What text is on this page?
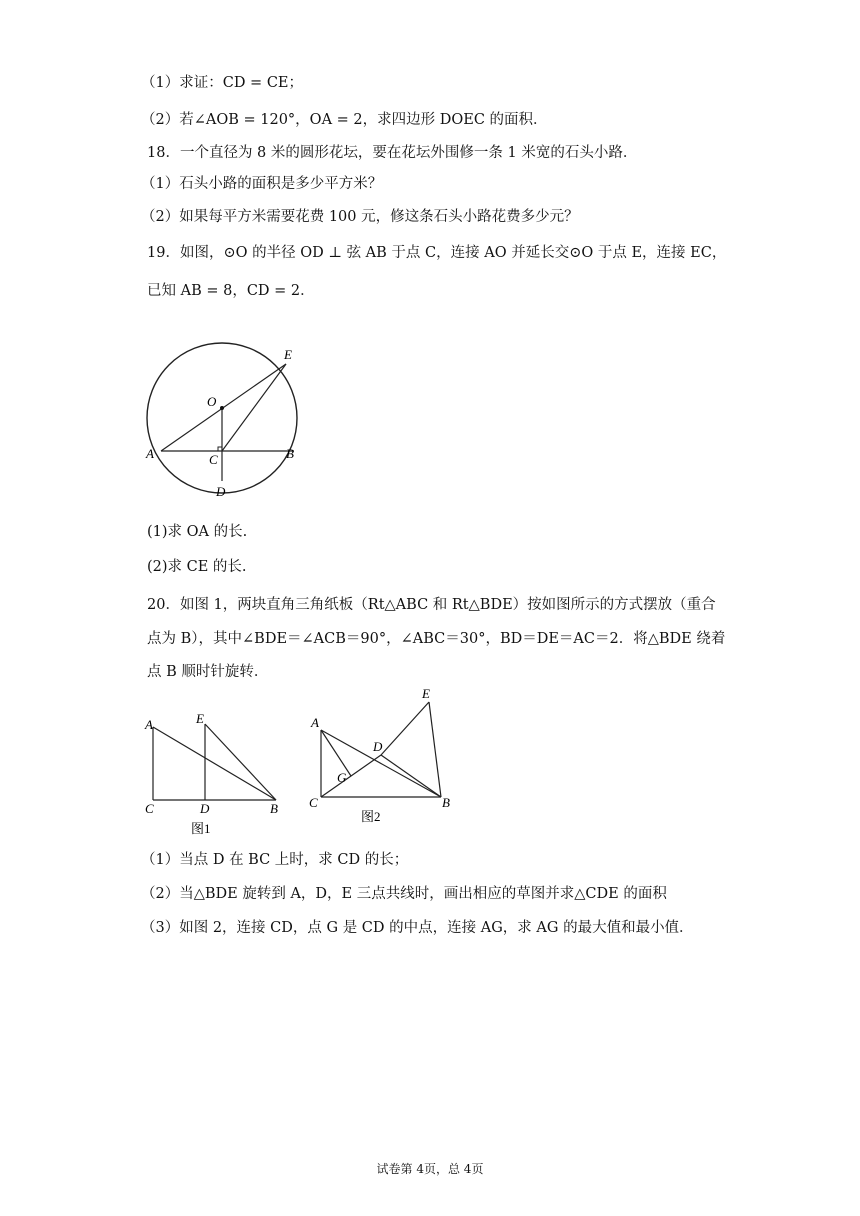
（1）求证：CD = CE；
（2）若∠AOB = 120°，OA = 2，求四边形 DOEC 的面积．
18．一个直径为 8 米的圆形花坛，要在花坛外围修一条 1 米宽的石头小路．
（1）石头小路的面积是多少平方米？
（2）如果每平方米需要花费 100 元，修这条石头小路花费多少元？
19．如图，⊙O 的半径 OD ⊥ 弦 AB 于点 C，连接 AO 并延长交⊙O 于点 E，连接 EC，
已知 AB = 8，CD = 2．
O
E
A	C	B
D
(1)求 OA 的长.
(2)求 CE 的长.
20．如图 1，两块直角三角纸板（Rt△ABC 和 Rt△BDE）按如图所示的方式摆放（重合
点为 B），其中∠BDE＝∠ACB＝90°，∠ABC＝30°，BD＝DE＝AC＝2．将△BDE 绕着
点 B 顺时针旋转．
A	E
C	D	B
图1
A
E
D
G
C	B
图2
（1）当点 D 在 BC 上时，求 CD 的长；
（2）当△BDE 旋转到 A，D，E 三点共线时，画出相应的草图并求△CDE 的面积
（3）如图 2，连接 CD，点 G 是 CD 的中点，连接 AG，求 AG 的最大值和最小值．
试卷第 4页，总 4页
